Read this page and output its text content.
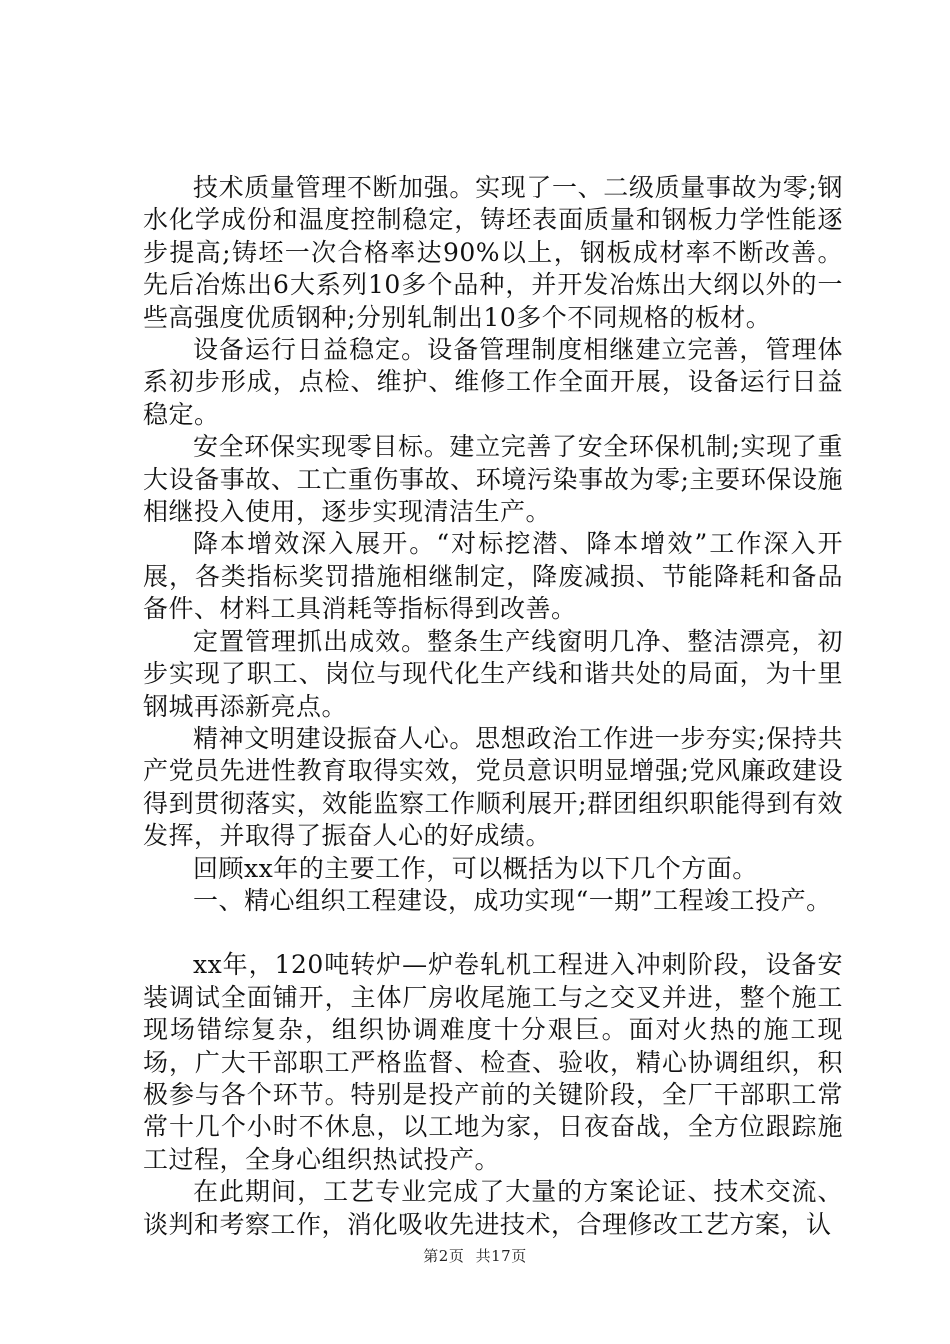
技术质量管理不断加强。实现了一、二级质量事故为零;钢水化学成份和温度控制稳定，铸坯表面质量和钢板力学性能逐步提高;铸坯一次合格率达90%以上，钢板成材率不断改善。先后冶炼出6大系列10多个品种，并开发冶炼出大纲以外的一些高强度优质钢种;分别轧制出10多个不同规格的板材。

设备运行日益稳定。设备管理制度相继建立完善，管理体系初步形成，点检、维护、维修工作全面开展，设备运行日益稳定。

安全环保实现零目标。建立完善了安全环保机制;实现了重大设备事故、工亡重伤事故、环境污染事故为零;主要环保设施相继投入使用，逐步实现清洁生产。

降本增效深入展开。“对标挖潜、降本增效”工作深入开展，各类指标奖罚措施相继制定，降废减损、节能降耗和备品备件、材料工具消耗等指标得到改善。

定置管理抓出成效。整条生产线窗明几净、整洁漂亮，初步实现了职工、岗位与现代化生产线和谐共处的局面，为十里钢城再添新亮点。

精神文明建设振奋人心。思想政治工作进一步夯实;保持共产党员先进性教育取得实效，党员意识明显增强;党风廉政建设得到贯彻落实，效能监察工作顺利展开;群团组织职能得到有效发挥，并取得了振奋人心的好成绩。

回顾xx年的主要工作，可以概括为以下几个方面。

一、精心组织工程建设，成功实现“一期”工程竣工投产。

xx年，120吨转炉—炉卷轧机工程进入冲刺阶段，设备安装调试全面铺开，主体厂房收尾施工与之交叉并进，整个施工现场错综复杂，组织协调难度十分艰巨。面对火热的施工现场，广大干部职工严格监督、检查、验收，精心协调组织，积极参与各个环节。特别是投产前的关键阶段，全厂干部职工常常十几个小时不休息，以工地为家，日夜奋战，全方位跟踪施工过程，全身心组织热试投产。

在此期间，工艺专业完成了大量的方案论证、技术交流、谈判和考察工作，消化吸收先进技术，合理修改工艺方案，认

第2页 共17页
